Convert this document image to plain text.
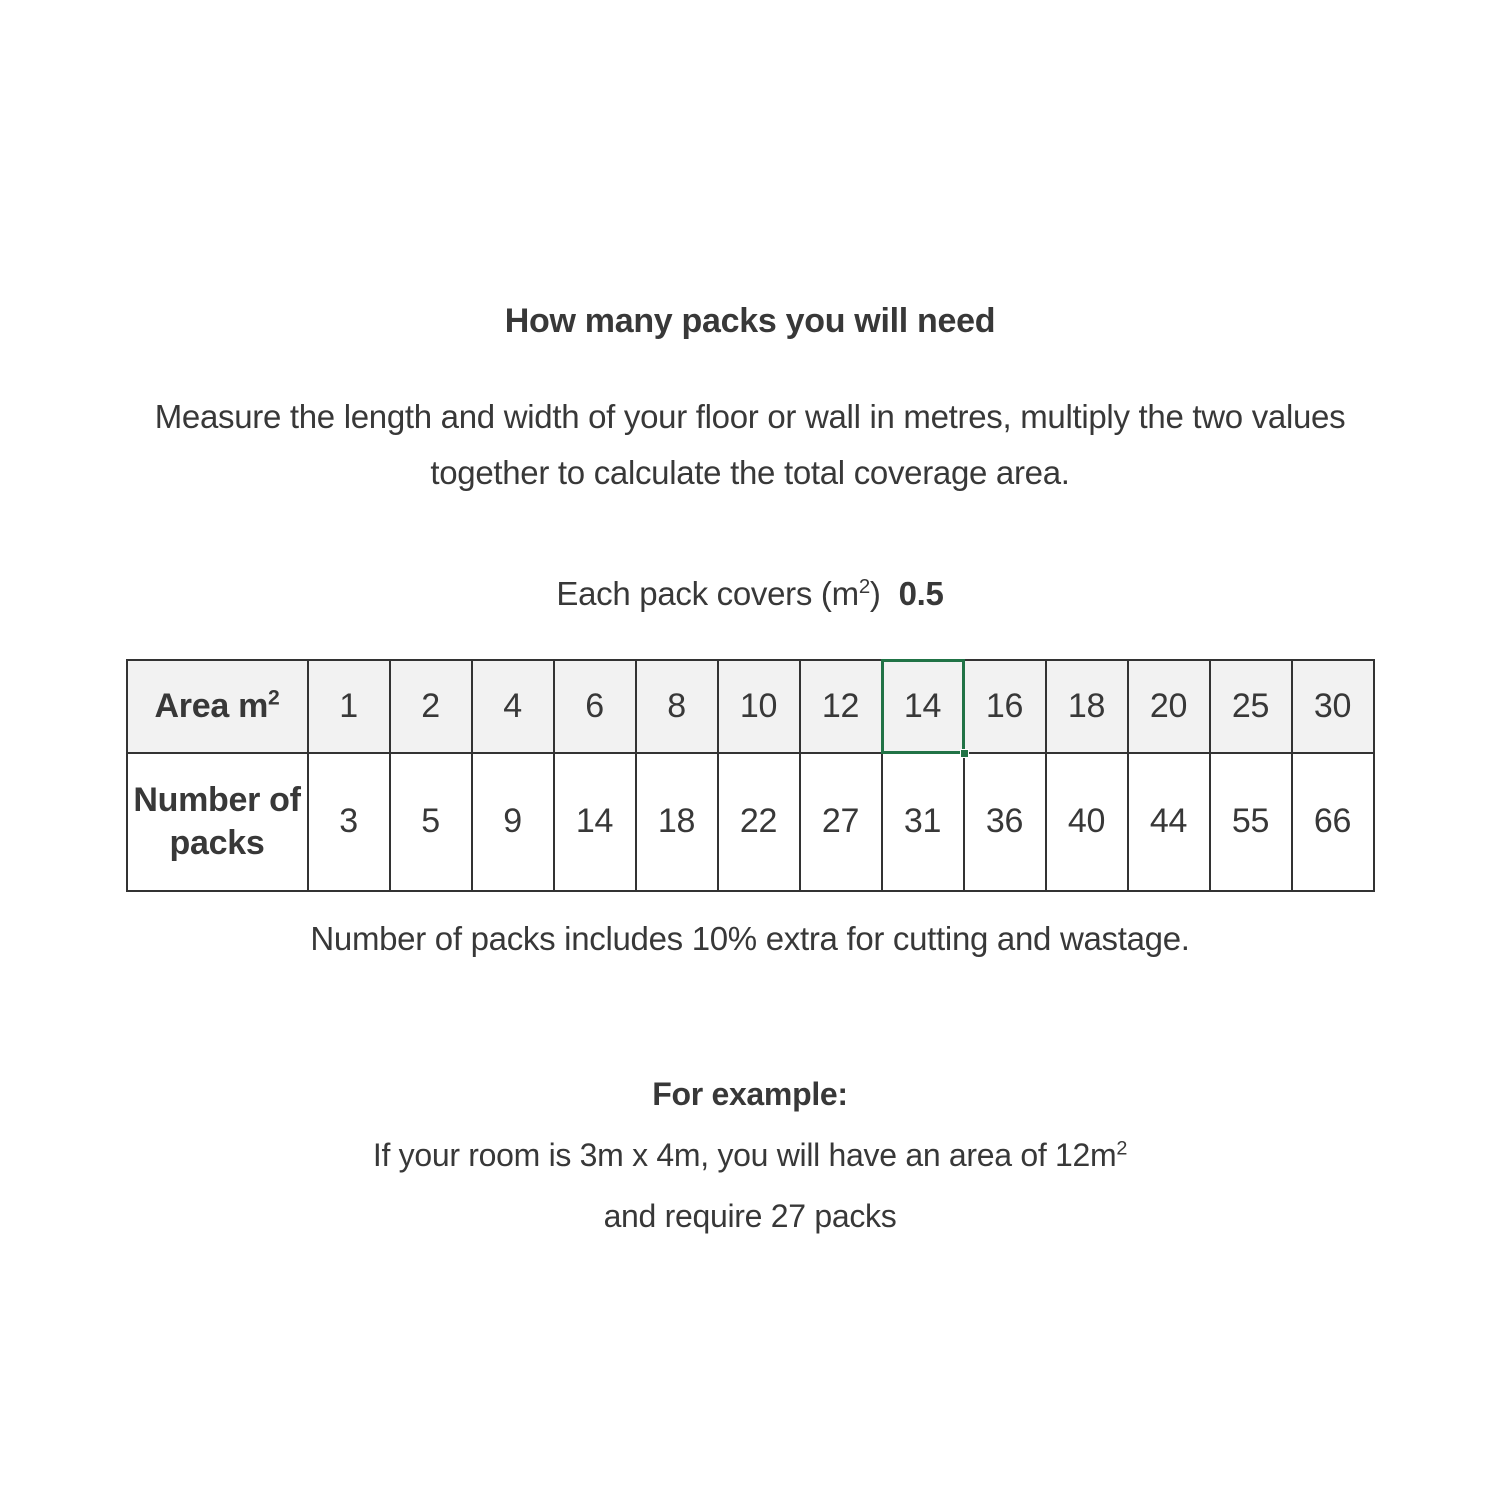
How many packs you will need

Measure the length and width of your floor or wall in metres, multiply the two values together to calculate the total coverage area.

Each pack covers $(m^2)$ 0.5

Area $m^2$	1	2	4	6	8	10	12	14	16	18	20	25	30
Number of packs	3	5	9	14	18	22	27	31	36	40	44	55	66

Number of packs includes 10% extra for cutting and wastage.

For example:

If your room is 3m x 4m, you will have an area of $12m^2$

and require 27 packs
